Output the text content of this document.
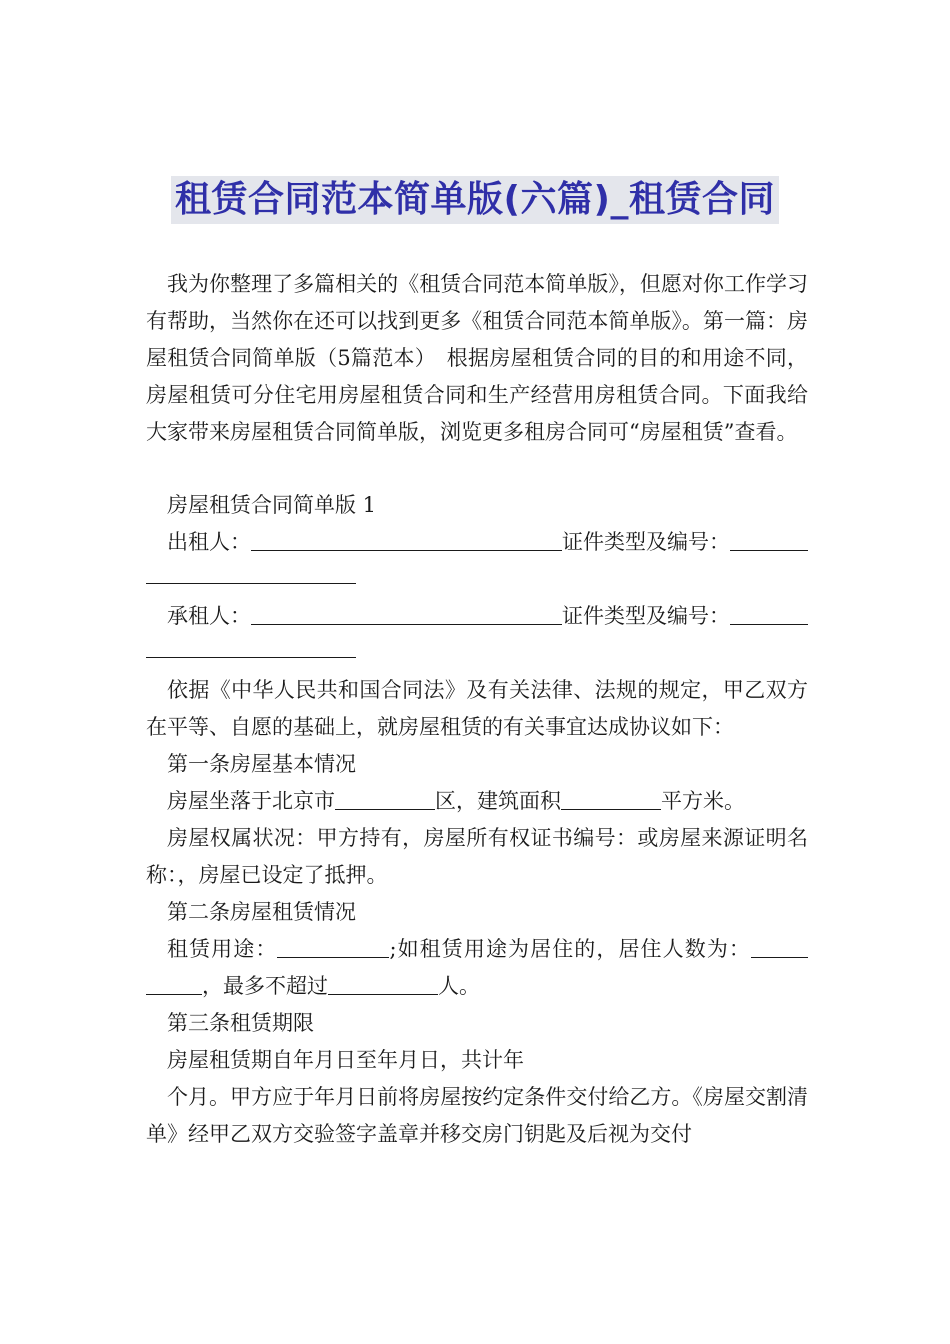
租赁合同范本简单版(六篇)_租赁合同

我为你整理了多篇相关的《租赁合同范本简单版》，但愿对你工作学习有帮助，当然你在还可以找到更多《租赁合同范本简单版》。第一篇：房屋租赁合同简单版（5篇范本）　根据房屋租赁合同的目的和用途不同，房屋租赁可分住宅用房屋租赁合同和生产经营用房租赁合同。下面我给大家带来房屋租赁合同简单版，浏览更多租房合同可“房屋租赁”查看。

房屋租赁合同简单版 1

出租人：	证件类型及编号：
承租人：	证件类型及编号：

依据《中华人民共和国合同法》及有关法律、法规的规定，甲乙双方在平等、自愿的基础上，就房屋租赁的有关事宜达成协议如下：

第一条房屋基本情况

房屋坐落于北京市	区，建筑面积	平方米。

房屋权属状况：甲方持有，房屋所有权证书编号：或房屋来源证明名称：，房屋已设定了抵押。

第二条房屋租赁情况

租赁用途：	;如租赁用途为居住的，居住人数为：，最多不超过	人。

第三条租赁期限

房屋租赁期自年月日至年月日，共计年

个月。甲方应于年月日前将房屋按约定条件交付给乙方。《房屋交割清单》经甲乙双方交验签字盖章并移交房门钥匙及后视为交付
